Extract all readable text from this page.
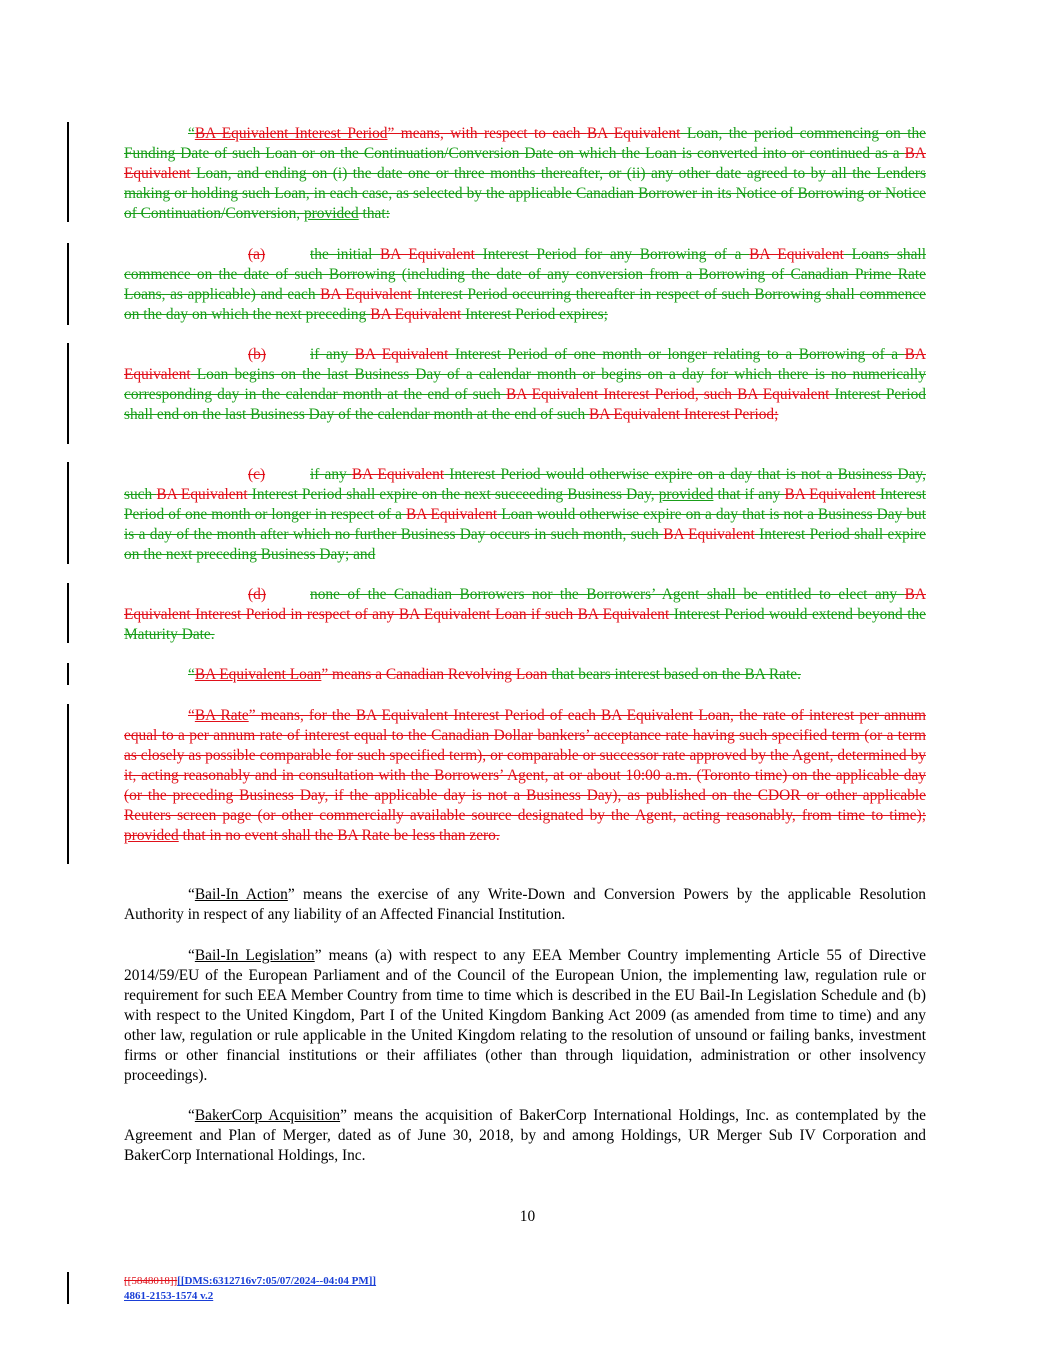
“BA Equivalent Interest Period” means, with respect to each BA Equivalent Loan, the period commencing on the Funding Date of such Loan or on the Continuation/Conversion Date on which the Loan is converted into or continued as a BA Equivalent Loan, and ending on (i) the date one or three months thereafter, or (ii) any other date agreed to by all the Lenders making or holding such Loan, in each case, as selected by the applicable Canadian Borrower in its Notice of Borrowing or Notice of Continuation/Conversion, provided that:

(a)	the initial BA Equivalent Interest Period for any Borrowing of a BA Equivalent Loans shall commence on the date of such Borrowing (including the date of any conversion from a Borrowing of Canadian Prime Rate Loans, as applicable) and each BA Equivalent Interest Period occurring thereafter in respect of such Borrowing shall commence on the day on which the next preceding BA Equivalent Interest Period expires;

(b)	if any BA Equivalent Interest Period of one month or longer relating to a Borrowing of a BA Equivalent Loan begins on the last Business Day of a calendar month or begins on a day for which there is no numerically corresponding day in the calendar month at the end of such BA Equivalent Interest Period, such BA Equivalent Interest Period shall end on the last Business Day of the calendar month at the end of such BA Equivalent Interest Period;

(c)	if any BA Equivalent Interest Period would otherwise expire on a day that is not a Business Day, such BA Equivalent Interest Period shall expire on the next succeeding Business Day, provided that if any BA Equivalent Interest Period of one month or longer in respect of a BA Equivalent Loan would otherwise expire on a day that is not a Business Day but is a day of the month after which no further Business Day occurs in such month, such BA Equivalent Interest Period shall expire on the next preceding Business Day; and

(d)	none of the Canadian Borrowers nor the Borrowers’ Agent shall be entitled to elect any BA Equivalent Interest Period in respect of any BA Equivalent Loan if such BA Equivalent Interest Period would extend beyond the Maturity Date.

“BA Equivalent Loan” means a Canadian Revolving Loan that bears interest based on the BA Rate.

“BA Rate” means, for the BA Equivalent Interest Period of each BA Equivalent Loan, the rate of interest per annum equal to a per annum rate of interest equal to the Canadian Dollar bankers’ acceptance rate having such specified term (or a term as closely as possible comparable for such specified term), or comparable or successor rate approved by the Agent, determined by it, acting reasonably and in consultation with the Borrowers’ Agent, at or about 10:00 a.m. (Toronto time) on the applicable day (or the preceding Business Day, if the applicable day is not a Business Day), as published on the CDOR or other applicable Reuters screen page (or other commercially available source designated by the Agent, acting reasonably, from time to time); provided that in no event shall the BA Rate be less than zero.

“Bail-In Action” means the exercise of any Write-Down and Conversion Powers by the applicable Resolution Authority in respect of any liability of an Affected Financial Institution.

“Bail-In Legislation” means (a) with respect to any EEA Member Country implementing Article 55 of Directive 2014/59/EU of the European Parliament and of the Council of the European Union, the implementing law, regulation rule or requirement for such EEA Member Country from time to time which is described in the EU Bail-In Legislation Schedule and (b) with respect to the United Kingdom, Part I of the United Kingdom Banking Act 2009 (as amended from time to time) and any other law, regulation or rule applicable in the United Kingdom relating to the resolution of unsound or failing banks, investment firms or other financial institutions or their affiliates (other than through liquidation, administration or other insolvency proceedings).

“BakerCorp Acquisition” means the acquisition of BakerCorp International Holdings, Inc. as contemplated by the Agreement and Plan of Merger, dated as of June 30, 2018, by and among Holdings, UR Merger Sub IV Corporation and BakerCorp International Holdings, Inc.

10
[[5848018]][[DMS:6312716v7:05/07/2024--04:04 PM]]
4861-2153-1574 v.2
